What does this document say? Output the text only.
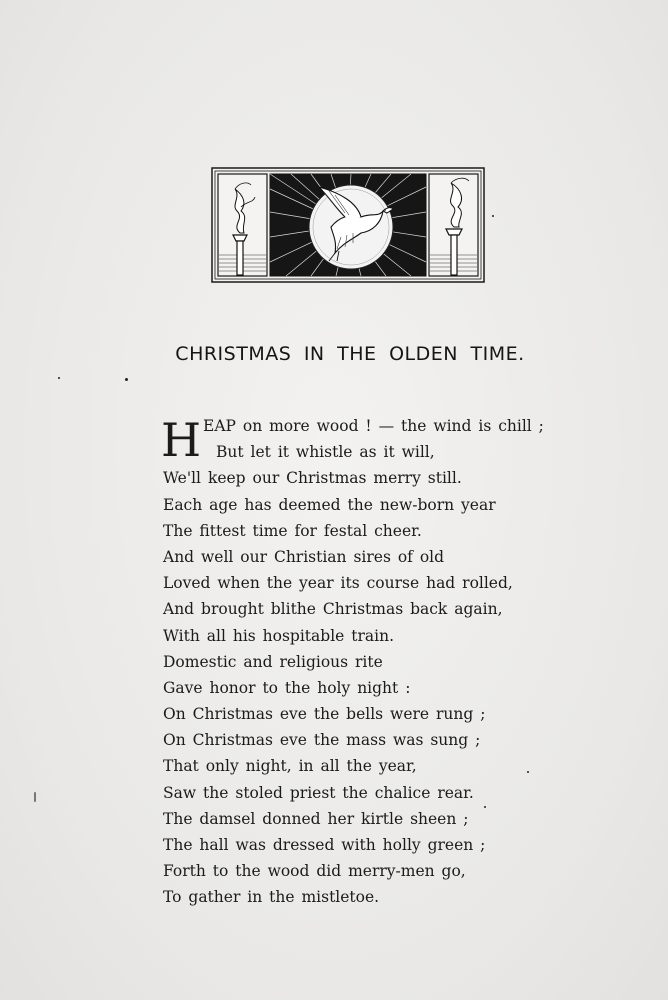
CHRISTMAS IN THE OLDEN TIME.
H EAP on more wood ! — the wind is chill ;
But let it whistle as it will,
We'll keep our Christmas merry still.
Each age has deemed the new-born year
The fittest time for festal cheer.
And well our Christian sires of old
Loved when the year its course had rolled,
And brought blithe Christmas back again,
With all his hospitable train.
Domestic and religious rite
Gave honor to the holy night :
On Christmas eve the bells were rung ;
On Christmas eve the mass was sung ;
That only night, in all the year,
Saw the stoled priest the chalice rear.
The damsel donned her kirtle sheen ;
The hall was dressed with holly green ;
Forth to the wood did merry-men go,
To gather in the mistletoe.
